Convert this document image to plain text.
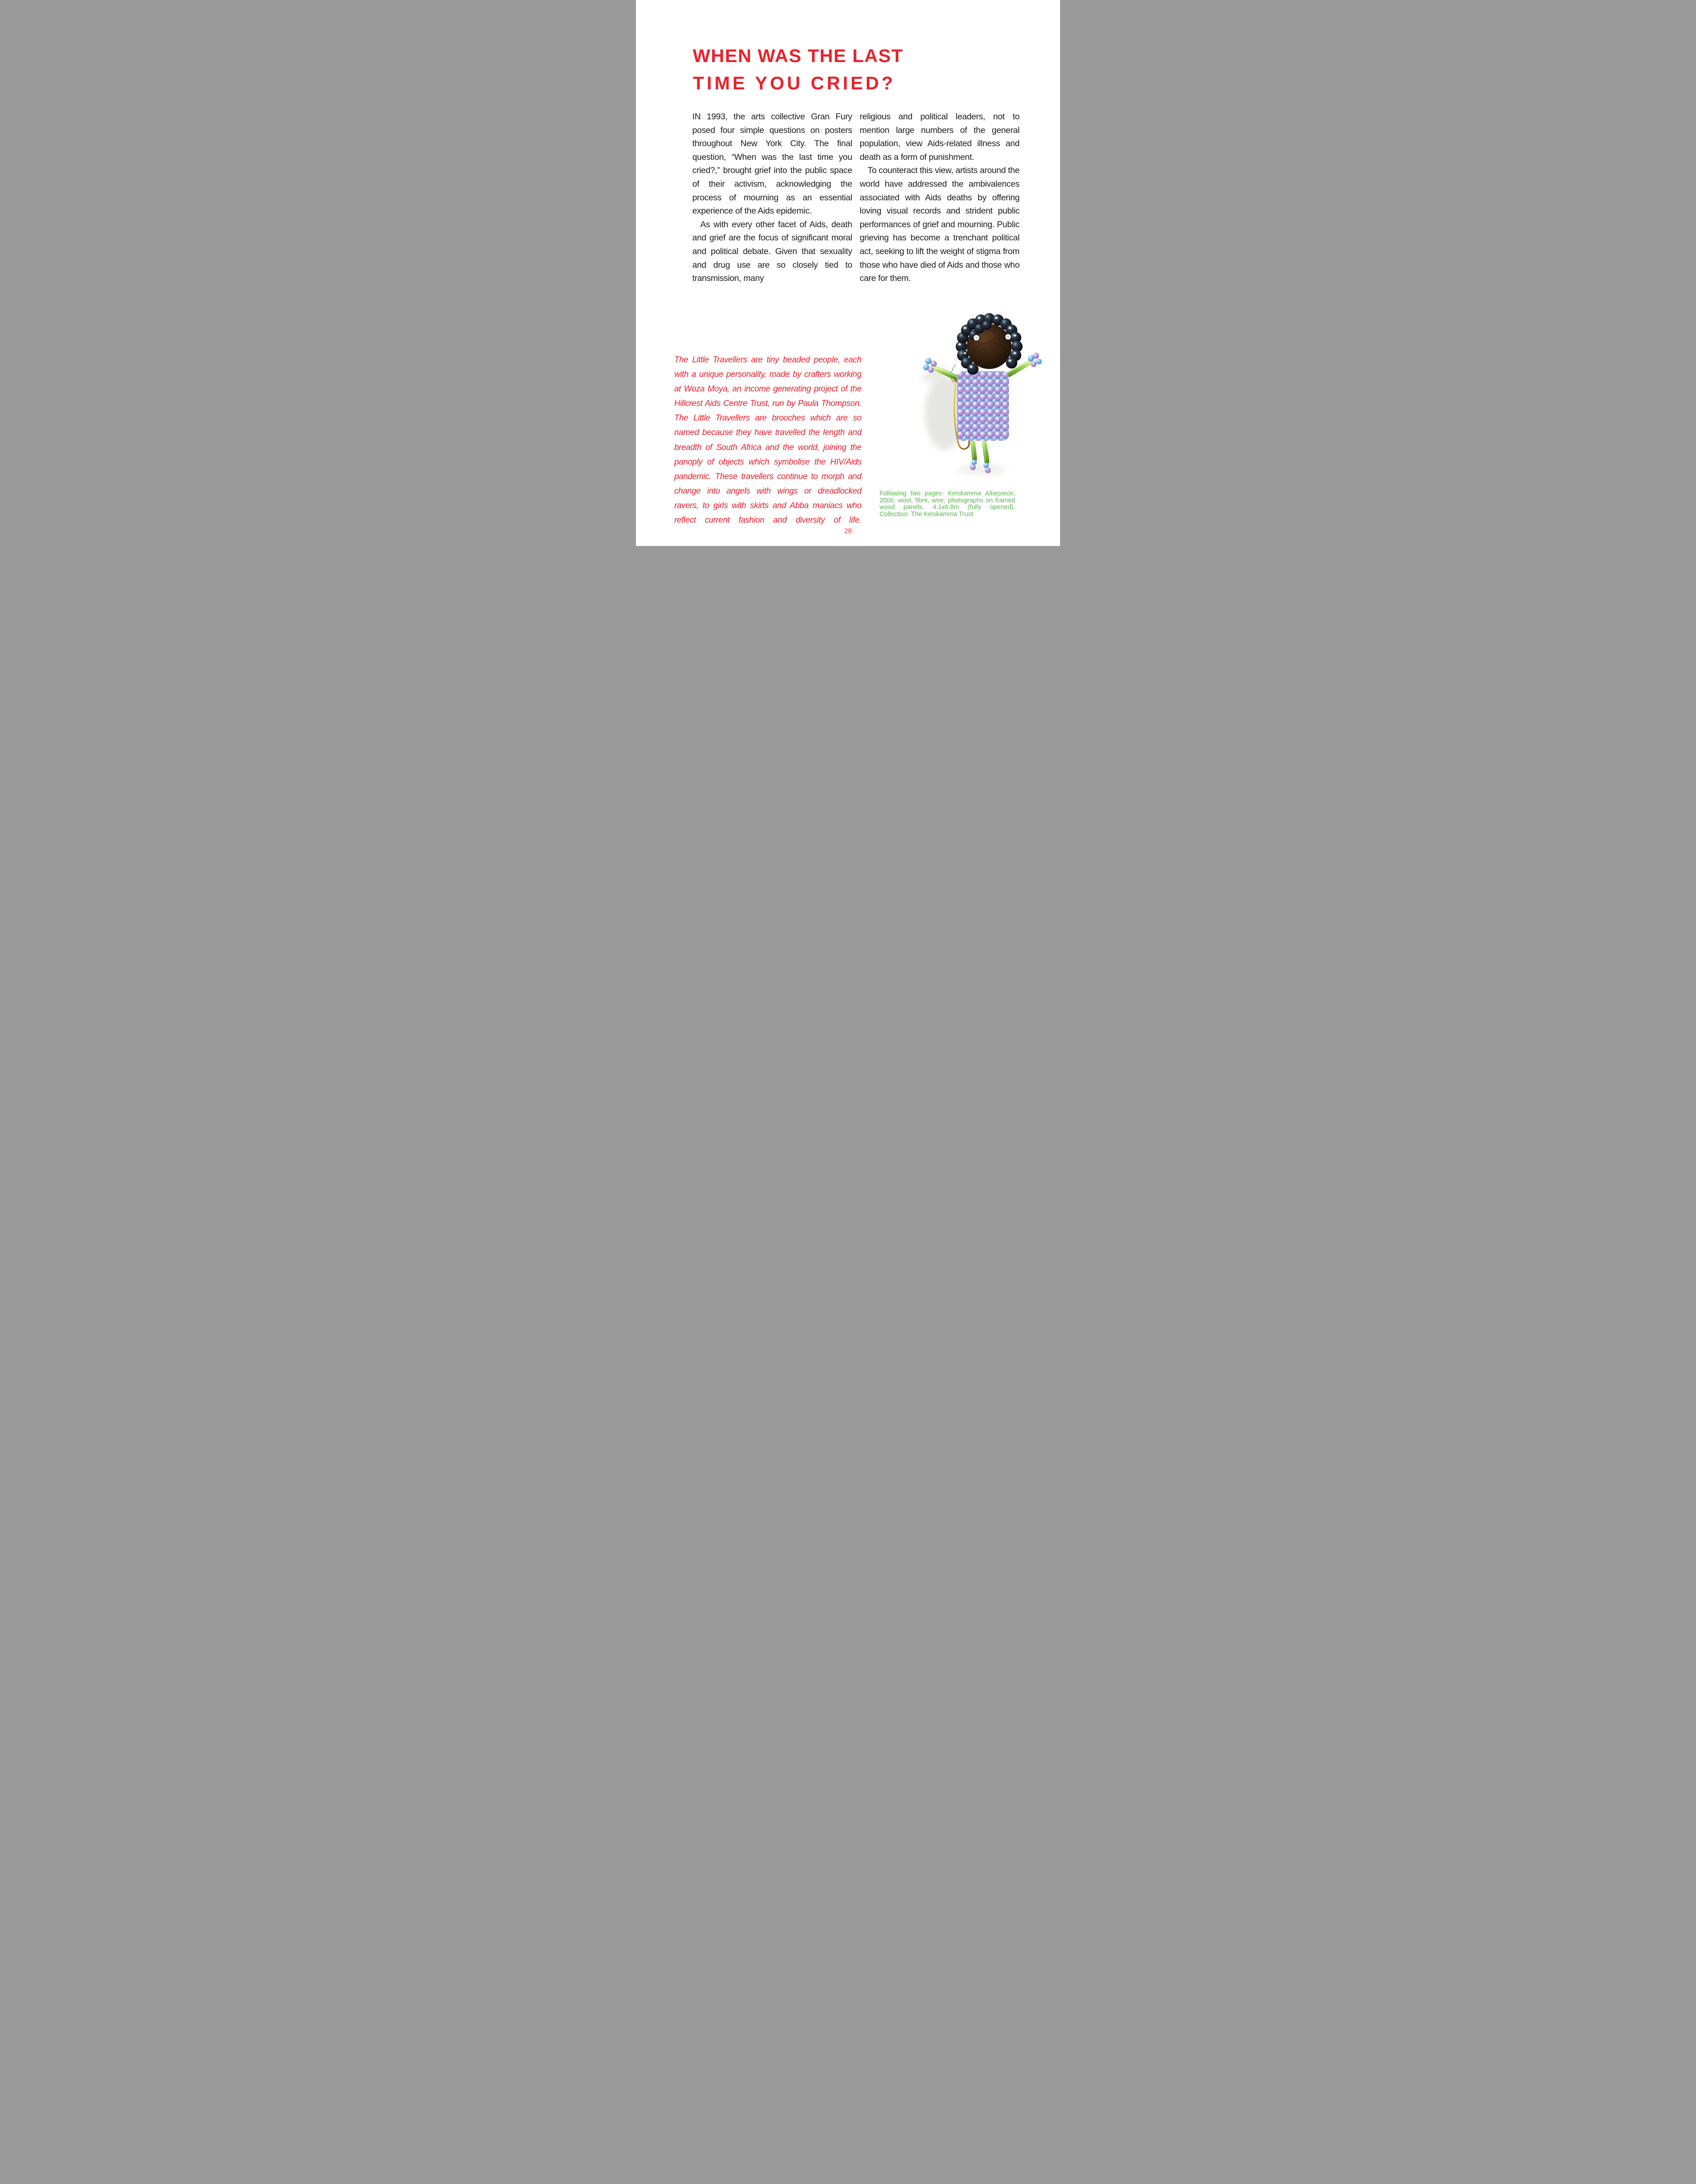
WHEN WAS THE LAST
TIME YOU CRIED?

IN 1993, the arts collective Gran Fury posed four simple questions on posters throughout New York City. The final question, “When was the last time you cried?,” brought grief into the public space of their activism, acknowledging the process of mourning as an essential experience of the Aids epidemic.

As with every other facet of Aids, death and grief are the focus of significant moral and political debate. Given that sexuality and drug use are so closely tied to transmission, many

religious and political leaders, not to mention large numbers of the general population, view Aids-related illness and death as a form of punishment.

To counteract this view, artists around the world have addressed the ambivalences associated with Aids deaths by offering loving visual records and strident public performances of grief and mourning. Public grieving has become a trenchant political act, seeking to lift the weight of stigma from those who have died of Aids and those who care for them.

The Little Travellers are tiny beaded people, each with a unique personality, made by crafters working at Woza Moya, an income generating project of the Hillcrest Aids Centre Trust, run by Paula Thompson. The Little Travellers are brooches which are so named because they have travelled the length and breadth of South Africa and the world, joining the panoply of objects which symbolise the HIV/Aids pandemic. These travellers continue to morph and change into angels with wings or dreadlocked ravers, to girls with skirts and Abba maniacs who reflect current fashion and diversity of life.

Following two pages: Keiskamma Altarpiece, 2006, wool, fibre, wire, photographs on framed wood panels, 4.1x6.8m (fully opened). Collection: The Keiskamma Trust

28
